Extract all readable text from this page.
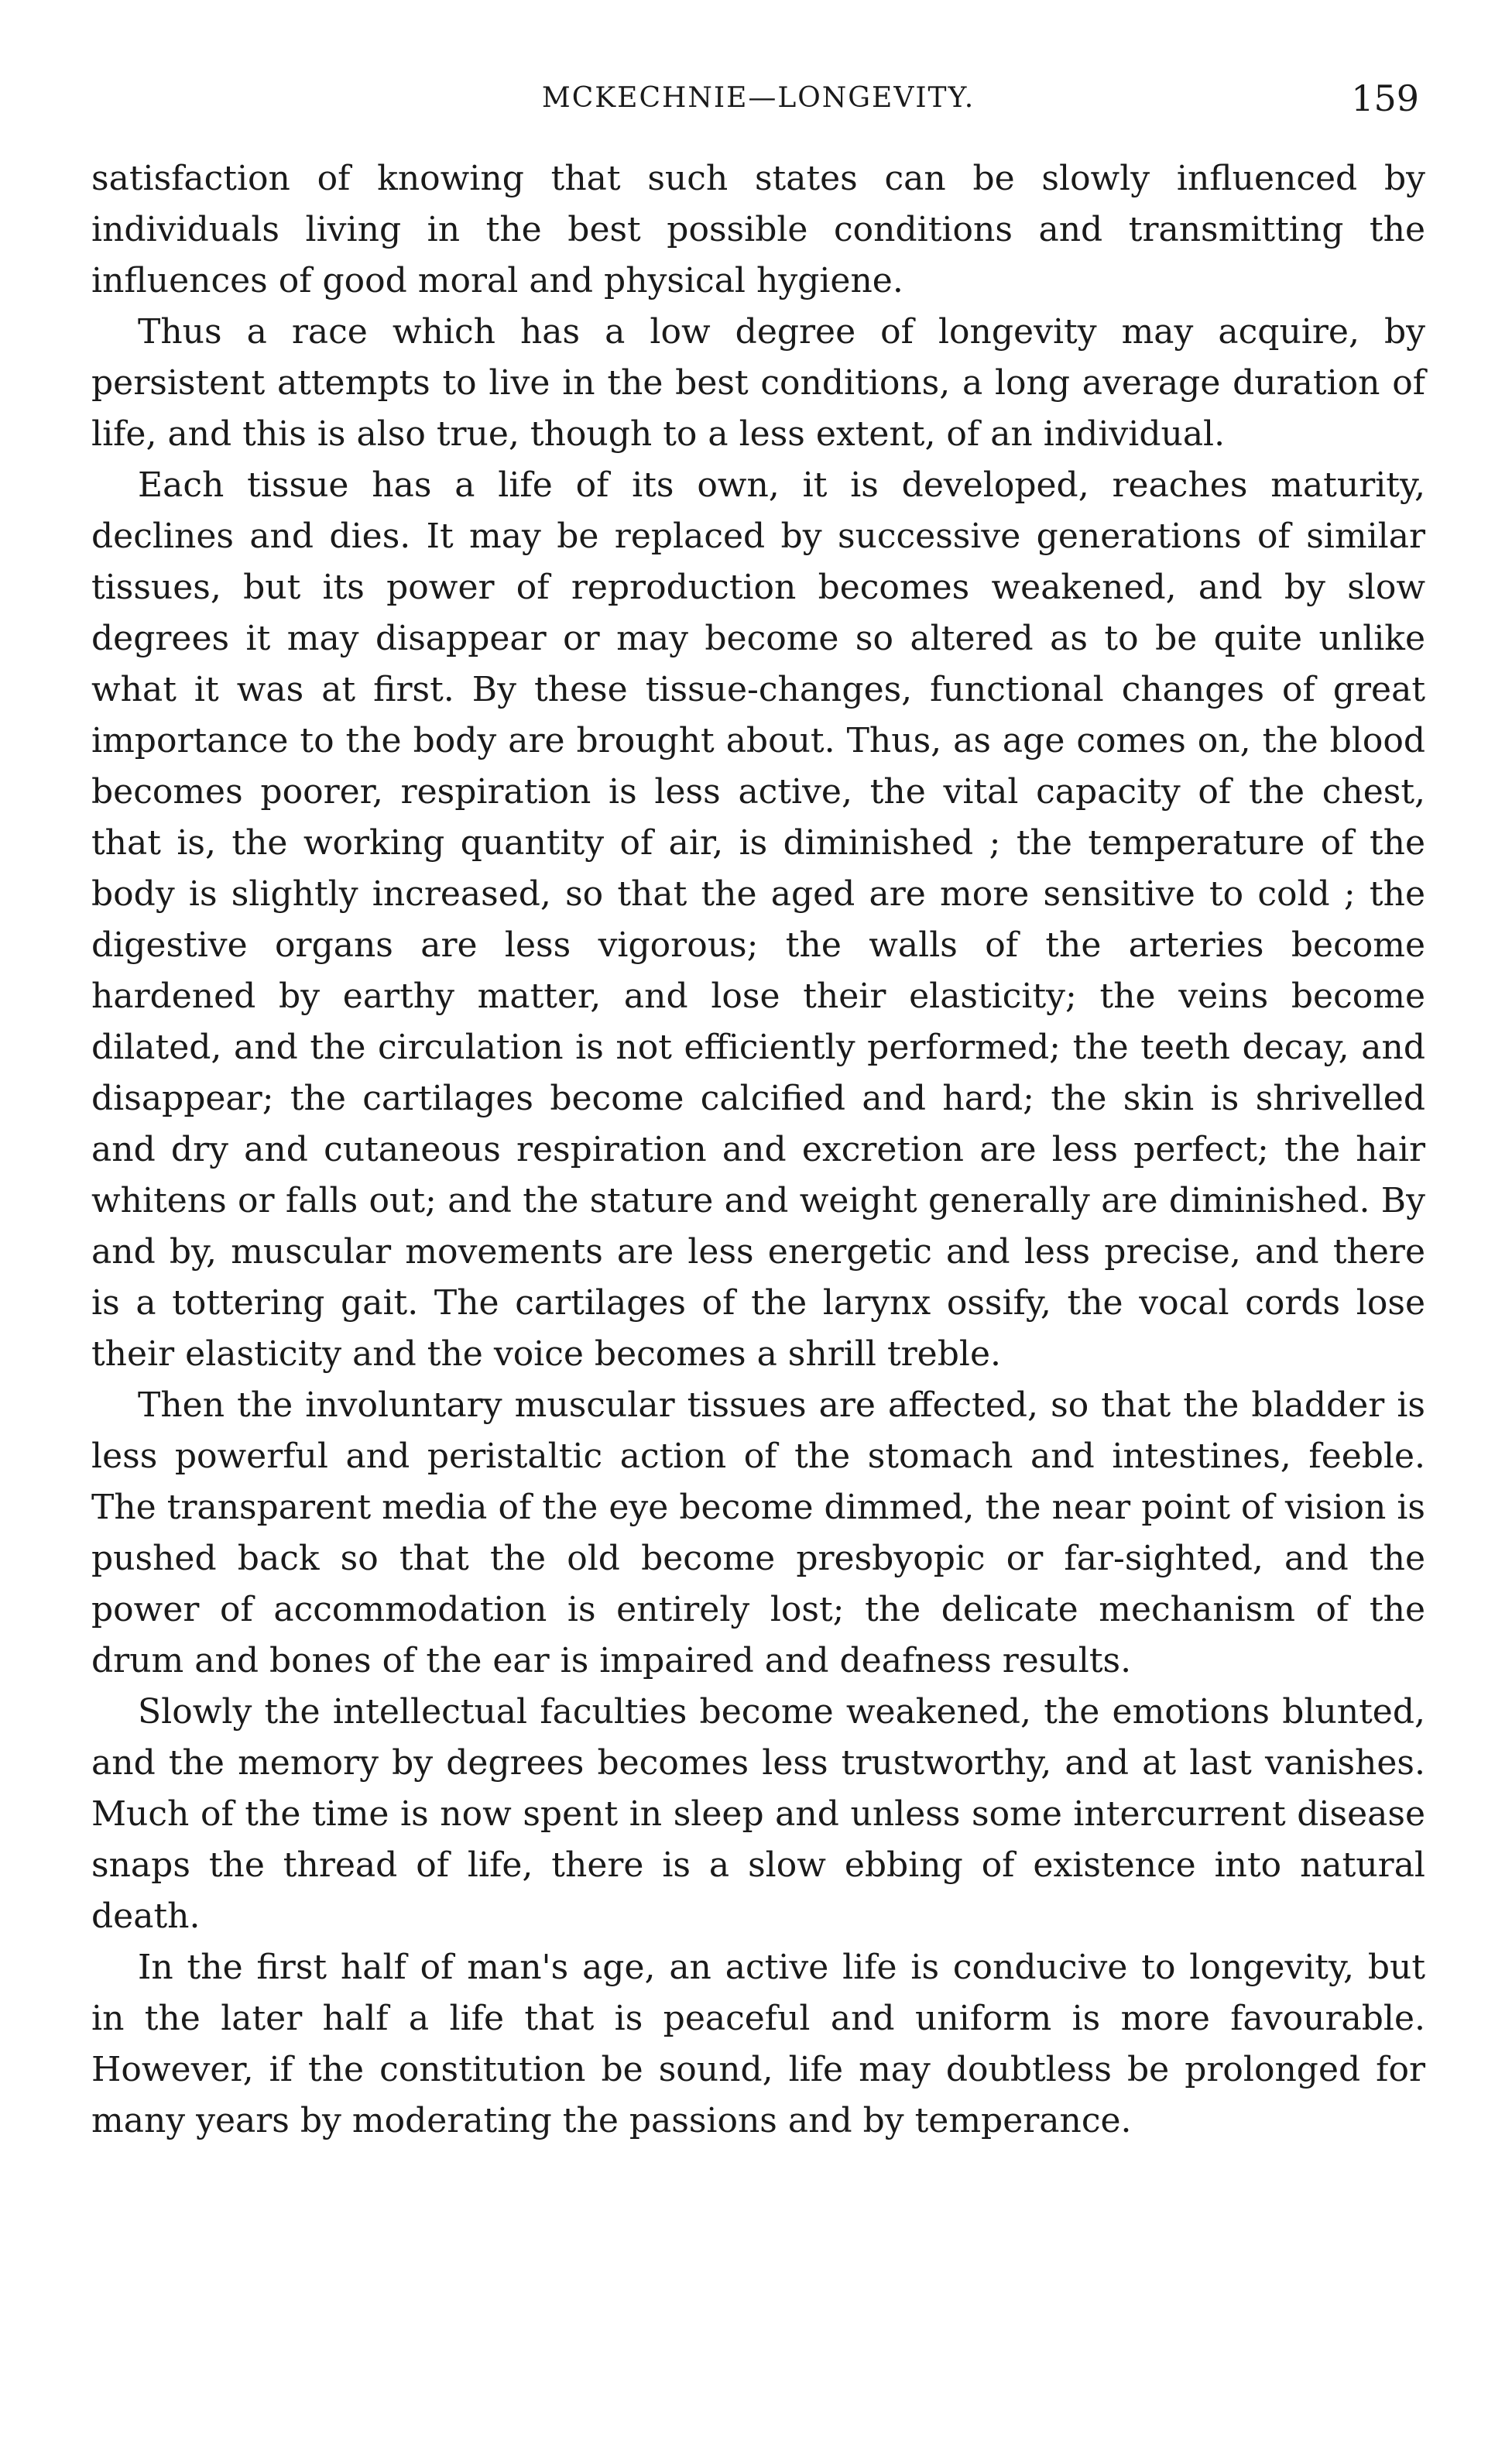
MCKECHNIE—LONGEVITY.	159

satisfaction of knowing that such states can be slowly influenced by individuals living in the best possible conditions and transmitting the influences of good moral and physical hygiene.

Thus a race which has a low degree of longevity may acquire, by persistent attempts to live in the best conditions, a long average duration of life, and this is also true, though to a less extent, of an individual.

Each tissue has a life of its own, it is developed, reaches maturity, declines and dies. It may be replaced by successive generations of similar tissues, but its power of reproduction becomes weakened, and by slow degrees it may disappear or may become so altered as to be quite unlike what it was at first. By these tissue-changes, functional changes of great importance to the body are brought about. Thus, as age comes on, the blood becomes poorer, respiration is less active, the vital capacity of the chest, that is, the working quantity of air, is diminished ; the temperature of the body is slightly increased, so that the aged are more sensitive to cold ; the digestive organs are less vigorous; the walls of the arteries become hardened by earthy matter, and lose their elasticity; the veins become dilated, and the circulation is not efficiently performed; the teeth decay, and disappear; the cartilages become calcified and hard; the skin is shrivelled and dry and cutaneous respiration and excretion are less perfect; the hair whitens or falls out; and the stature and weight generally are diminished. By and by, muscular movements are less energetic and less precise, and there is a tottering gait. The cartilages of the larynx ossify, the vocal cords lose their elasticity and the voice becomes a shrill treble.

Then the involuntary muscular tissues are affected, so that the bladder is less powerful and peristaltic action of the stomach and intestines, feeble. The transparent media of the eye become dimmed, the near point of vision is pushed back so that the old become presbyopic or far-sighted, and the power of accommodation is entirely lost; the delicate mechanism of the drum and bones of the ear is impaired and deafness results.

Slowly the intellectual faculties become weakened, the emotions blunted, and the memory by degrees becomes less trustworthy, and at last vanishes. Much of the time is now spent in sleep and unless some intercurrent disease snaps the thread of life, there is a slow ebbing of existence into natural death.

In the first half of man's age, an active life is conducive to longevity, but in the later half a life that is peaceful and uniform is more favourable. However, if the constitution be sound, life may doubtless be prolonged for many years by moderating the passions and by temperance.
